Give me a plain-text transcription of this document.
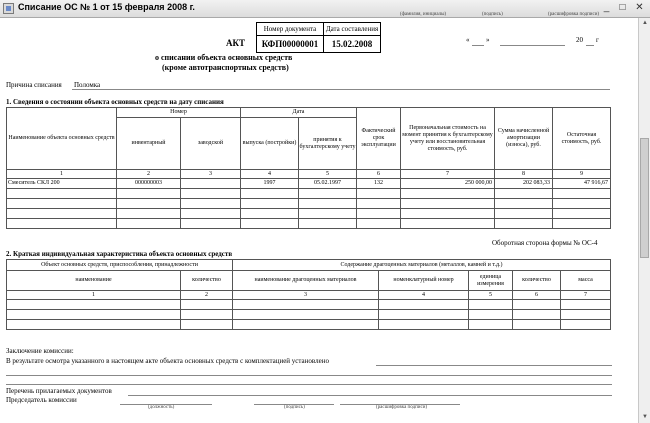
Списание ОС № 1 от 15 февраля 2008 г.	_	□ ✕
(фамилия, инициалы)	(подпись)	(расшифровка подписи)
АКТ
Номер документа	Дата составления
КФП00000001	15.02.2008
о списании объекта основных средств
(кроме автотранспортных средств)
« »	20 г
Причина списания Поломка
1. Сведения о состоянии объекта основных средств на дату списания
Наименование объекта основных средств	Номер		Дата		Фактический срок эксплуатации	Первоначальная стоимость на момент принятия к бухгалтерскому учету или восстановительная стоимость, руб.	Сумма начисленной амортизации (износа), руб.	Остаточная стоимость, руб.
	инвентарный	заводской	выпуска (постройки)	принятия к бухгалтерскому учету				
1	2	3	4	5	6	7	8	9
Смеситель СКЛ 200	000000003		1997	05.02.1997	132	250 000,00	202 083,33	47 916,67

Оборотная сторона формы № ОС-4
2. Краткая индивидуальная характеристика объекта основных средств
Объект основных средств, приспособления, принадлежности		Содержание драгоценных материалов (металлов, камней и т.д.)				
наименование	количество	наименование драгоценных материалов	номенклатурный номер	единица измерения	количество	масса
1	2	3	4	5	6	7

Заключение комиссии:
В результате осмотра указанного в настоящем акте объекта основных средств с комплектацией установлено
Перечень прилагаемых документов
Председатель комиссии
(должность)	(подпись)	(расшифровка подписи)
▲
▼
